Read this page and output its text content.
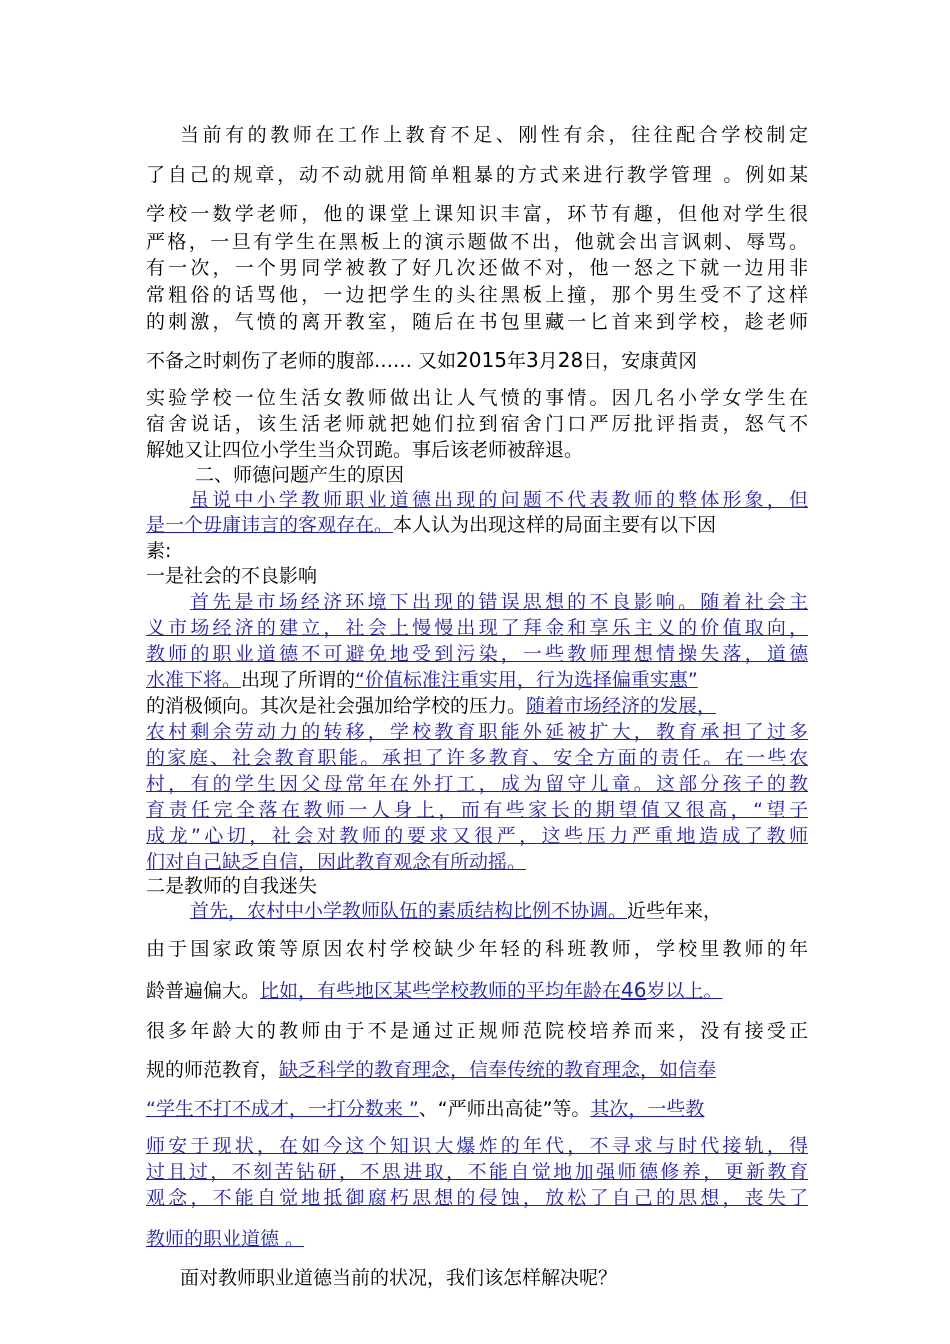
当前有的教师在工作上教育不足、刚性有余，往往配合学校制定
了自己的规章，动不动就用简单粗暴的方式来进行教学管理 。例如某
学校一数学老师，他的课堂上课知识丰富，环节有趣，但他对学生很
严格，一旦有学生在黑板上的演示题做不出，他就会出言讽刺、辱骂。
有一次，一个男同学被教了好几次还做不对，他一怒之下就一边用非
常粗俗的话骂他，一边把学生的头往黑板上撞，那个男生受不了这样
的刺激，气愤的离开教室，随后在书包里藏一匕首来到学校，趁老师
不备之时刺伤了老师的腹部…… 又如2015年3月28日，安康黄冈
实验学校一位生活女教师做出让人气愤的事情。因几名小学女学生在
宿舍说话，该生活老师就把她们拉到宿舍门口严厉批评指责，怒气不
解她又让四位小学生当众罚跪。事后该老师被辞退。
二、师德问题产生的原因
虽说中小学教师职业道德出现的问题不代表教师的整体形象，但
是一个毋庸讳言的客观存在。本人认为出现这样的局面主要有以下因
素:
一是社会的不良影响
首先是市场经济环境下出现的错误思想的不良影响。随着社会主
义市场经济的建立，社会上慢慢出现了拜金和享乐主义的价值取向，
教师的职业道德不可避免地受到污染，一些教师理想情操失落，道德
水准下将。出现了所谓的“价值标准注重实用，行为选择偏重实惠”
的消极倾向。其次是社会强加给学校的压力。随着市场经济的发展，
农村剩余劳动力的转移，学校教育职能外延被扩大，教育承担了过多
的家庭、社会教育职能。承担了许多教育、安全方面的责任。在一些农
村，有的学生因父母常年在外打工，成为留守儿童。这部分孩子的教
育责任完全落在教师一人身上，而有些家长的期望值又很高，“望子
成龙”心切，社会对教师的要求又很严，这些压力严重地造成了教师
们对自己缺乏自信，因此教育观念有所动摇。
二是教师的自我迷失
首先，农村中小学教师队伍的素质结构比例不协调。近些年来，
由于国家政策等原因农村学校缺少年轻的科班教师，学校里教师的年
龄普遍偏大。比如，有些地区某些学校教师的平均年龄在46岁以上。
很多年龄大的教师由于不是通过正规师范院校培养而来，没有接受正
规的师范教育，缺乏科学的教育理念，信奉传统的教育理念，如信奉
“学生不打不成才，一打分数来 ”、“严师出高徒”等。其次，一些教
师安于现状，在如今这个知识大爆炸的年代，不寻求与时代接轨，得
过且过，不刻苦钻研，不思进取，不能自觉地加强师德修养，更新教育
观念，不能自觉地抵御腐朽思想的侵蚀，放松了自己的思想，丧失了
教师的职业道德 。
面对教师职业道德当前的状况，我们该怎样解决呢？
